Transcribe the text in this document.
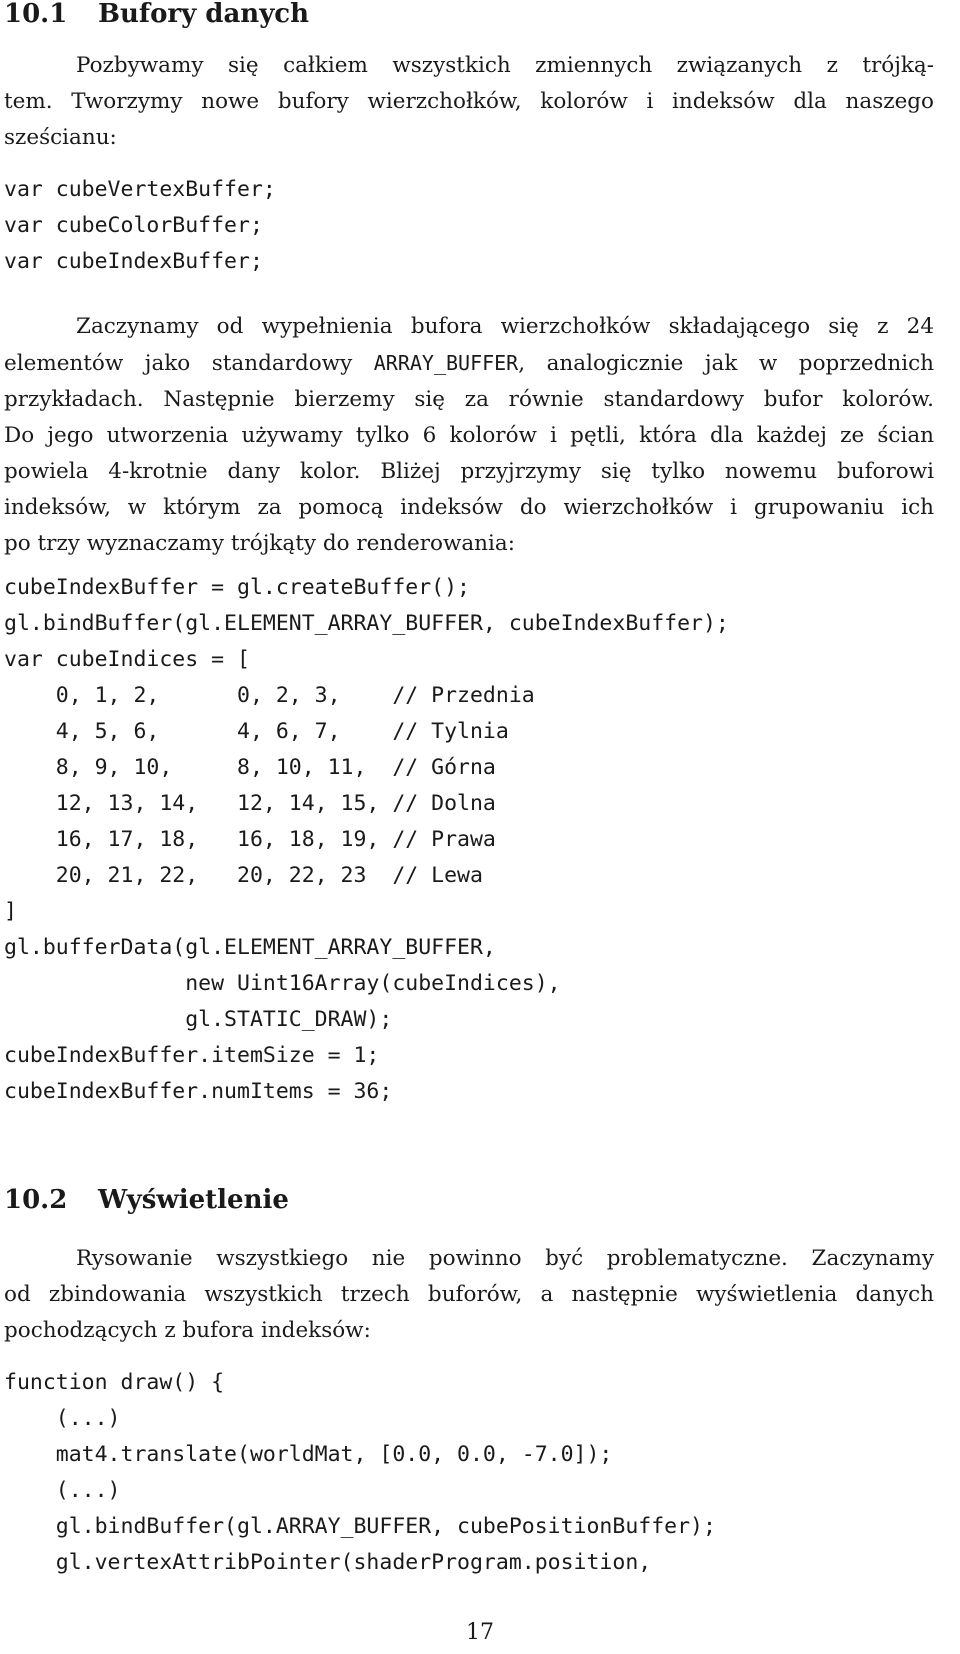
10.1 Bufory danych

Pozbywamy się całkiem wszystkich zmiennych związanych z trójką-
tem. Tworzymy nowe bufory wierzchołków, kolorów i indeksów dla naszego
sześcianu:

var cubeVertexBuffer;
var cubeColorBuffer;
var cubeIndexBuffer;

Zaczynamy od wypełnienia bufora wierzchołków składającego się z 24
elementów jako standardowy ARRAY_BUFFER, analogicznie jak w poprzednich
przykładach. Następnie bierzemy się za równie standardowy bufor kolorów.
Do jego utworzenia używamy tylko 6 kolorów i pętli, która dla każdej ze ścian
powiela 4-krotnie dany kolor. Bliżej przyjrzymy się tylko nowemu buforowi
indeksów, w którym za pomocą indeksów do wierzchołków i grupowaniu ich
po trzy wyznaczamy trójkąty do renderowania:

cubeIndexBuffer = gl.createBuffer();
gl.bindBuffer(gl.ELEMENT_ARRAY_BUFFER, cubeIndexBuffer);
var cubeIndices = [
0, 1, 2,      0, 2, 3,    // Przednia
4, 5, 6,      4, 6, 7,    // Tylnia
8, 9, 10,     8, 10, 11,  // Górna
12, 13, 14,   12, 14, 15, // Dolna
16, 17, 18,   16, 18, 19, // Prawa
20, 21, 22,   20, 22, 23  // Lewa
]
gl.bufferData(gl.ELEMENT_ARRAY_BUFFER,
new Uint16Array(cubeIndices),
gl.STATIC_DRAW);
cubeIndexBuffer.itemSize = 1;
cubeIndexBuffer.numItems = 36;
10.2 Wyświetlenie

Rysowanie wszystkiego nie powinno być problematyczne. Zaczynamy
od zbindowania wszystkich trzech buforów, a następnie wyświetlenia danych
pochodzących z bufora indeksów:

function draw() {
(...)
mat4.translate(worldMat, [0.0, 0.0, -7.0]);
(...)
gl.bindBuffer(gl.ARRAY_BUFFER, cubePositionBuffer);
gl.vertexAttribPointer(shaderProgram.position,
17
